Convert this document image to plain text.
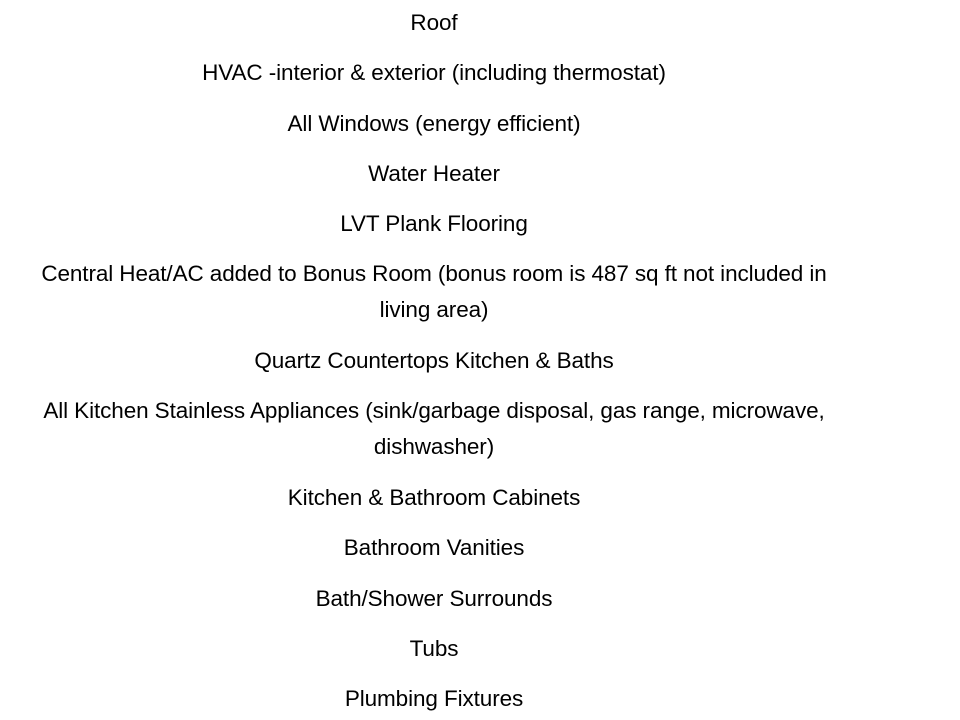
Roof
HVAC -interior & exterior (including thermostat)
All Windows (energy efficient)
Water Heater
LVT Plank Flooring
Central Heat/AC added to Bonus Room (bonus room is 487 sq ft not included in
living area)
Quartz Countertops Kitchen & Baths
All Kitchen Stainless Appliances (sink/garbage disposal, gas range, microwave,
dishwasher)
Kitchen & Bathroom Cabinets
Bathroom Vanities
Bath/Shower Surrounds
Tubs
Plumbing Fixtures
